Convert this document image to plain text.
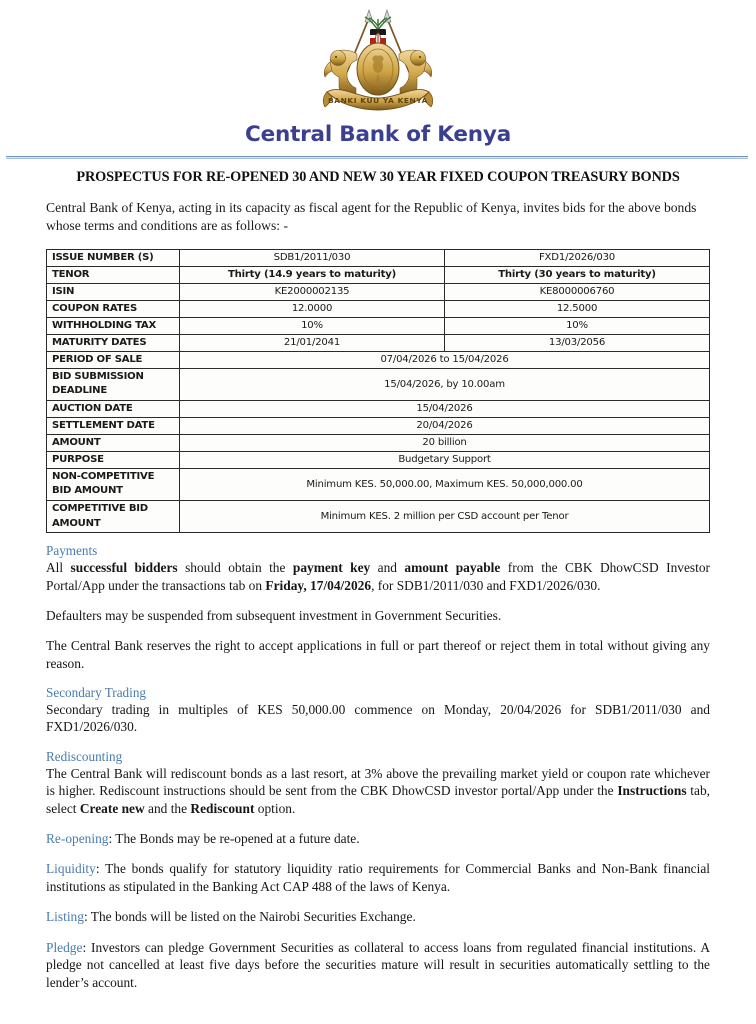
BANKI KUU YA KENYA
Central Bank of Kenya
PROSPECTUS FOR RE-OPENED 30 AND NEW 30 YEAR FIXED COUPON TREASURY BONDS
Central Bank of Kenya, acting in its capacity as fiscal agent for the Republic of Kenya, invites bids for the above bonds whose terms and conditions are as follows: -
ISSUE NUMBER (S)	SDB1/2011/030	FXD1/2026/030
TENOR	Thirty (14.9 years to maturity)	Thirty (30 years to maturity)
ISIN	KE2000002135	KE8000006760
COUPON RATES	12.0000	12.5000
WITHHOLDING TAX	10%	10%
MATURITY DATES	21/01/2041	13/03/2056
PERIOD OF SALE	07/04/2026 to 15/04/2026	
BID SUBMISSION DEADLINE	15/04/2026, by 10.00am	
AUCTION DATE	15/04/2026	
SETTLEMENT DATE	20/04/2026	
AMOUNT	20 billion	
PURPOSE	Budgetary Support	
NON-COMPETITIVE BID AMOUNT	Minimum KES. 50,000.00, Maximum KES. 50,000,000.00	
COMPETITIVE BID AMOUNT	Minimum KES. 2 million per CSD account per Tenor	
Payments

All successful bidders should obtain the payment key and amount payable from the CBK DhowCSD Investor Portal/App under the transactions tab on Friday, 17/04/2026, for SDB1/2011/030 and FXD1/2026/030.

Defaulters may be suspended from subsequent investment in Government Securities.

The Central Bank reserves the right to accept applications in full or part thereof or reject them in total without giving any reason.

Secondary Trading

Secondary trading in multiples of KES 50,000.00 commence on Monday, 20/04/2026 for SDB1/2011/030 and FXD1/2026/030.

Rediscounting

The Central Bank will rediscount bonds as a last resort, at 3% above the prevailing market yield or coupon rate whichever is higher. Rediscount instructions should be sent from the CBK DhowCSD investor portal/App under the Instructions tab, select Create new and the Rediscount option.

Re-opening: The Bonds may be re-opened at a future date.

Liquidity: The bonds qualify for statutory liquidity ratio requirements for Commercial Banks and Non-Bank financial institutions as stipulated in the Banking Act CAP 488 of the laws of Kenya.

Listing: The bonds will be listed on the Nairobi Securities Exchange.

Pledge: Investors can pledge Government Securities as collateral to access loans from regulated financial institutions. A pledge not cancelled at least five days before the securities mature will result in securities automatically settling to the lender’s account.
